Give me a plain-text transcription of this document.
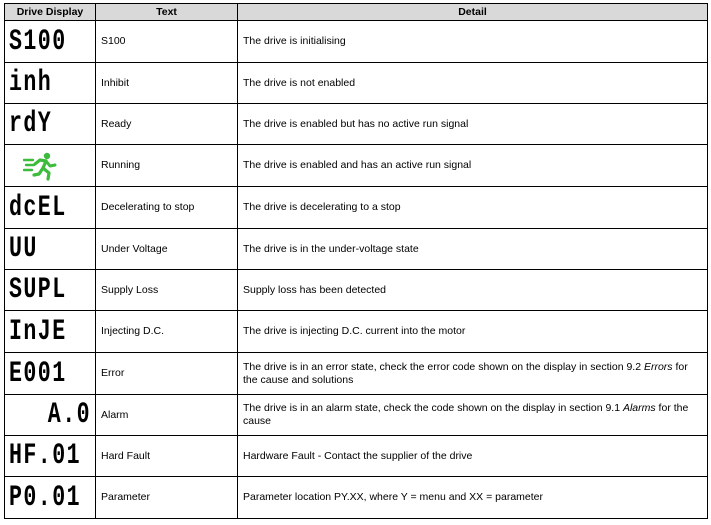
Drive Display	Text	Detail

S100	S100	The drive is initialising

inh	Inhibit	The drive is not enabled

rdY	Ready	The drive is enabled but has no active run signal

	Running	The drive is enabled and has an active run signal

dcEL	Decelerating to stop	The drive is decelerating to a stop

UU	Under Voltage	The drive is in the under-voltage state

SUPL	Supply Loss	Supply loss has been detected

InJE	Injecting D.C.	The drive is injecting D.C. current into the motor

E001	Error	The drive is in an error state, check the error code shown on the display in section 9.2 Errors for the cause and solutions

A.0	Alarm	The drive is in an alarm state, check the code shown on the display in section 9.1 Alarms for the cause

HF.01	Hard Fault	Hardware Fault - Contact the supplier of the drive

P0.01	Parameter	Parameter location PY.XX, where Y = menu and XX = parameter
